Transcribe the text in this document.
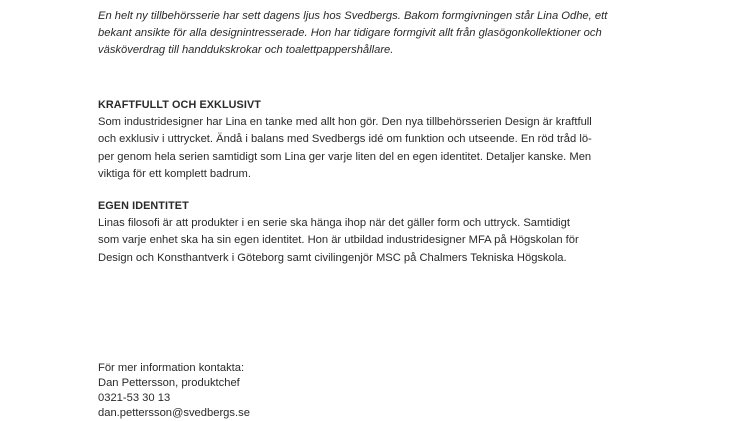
En helt ny tillbehörsserie har sett dagens ljus hos Svedbergs. Bakom formgivningen står Lina Odhe, ett
bekant ansikte för alla designintresserade. Hon har tidigare formgivit allt från glasögonkollektioner och
väsköverdrag till handdukskrokar och toalettpappershållare.

KRAFTFULLT OCH EXKLUSIVT

Som industridesigner har Lina en tanke med allt hon gör. Den nya tillbehörsserien Design är kraftfull
och exklusiv i uttrycket. Ändå i balans med Svedbergs idé om funktion och utseende. En röd tråd lö-
per genom hela serien samtidigt som Lina ger varje liten del en egen identitet. Detaljer kanske. Men
viktiga för ett komplett badrum.

EGEN IDENTITET

Linas filosofi är att produkter i en serie ska hänga ihop när det gäller form och uttryck. Samtidigt
som varje enhet ska ha sin egen identitet. Hon är utbildad industridesigner MFA på Högskolan för
Design och Konsthantverk i Göteborg samt civilingenjör MSC på Chalmers Tekniska Högskola.

För mer information kontakta:
Dan Pettersson, produktchef
0321-53 30 13
dan.pettersson@svedbergs.se
